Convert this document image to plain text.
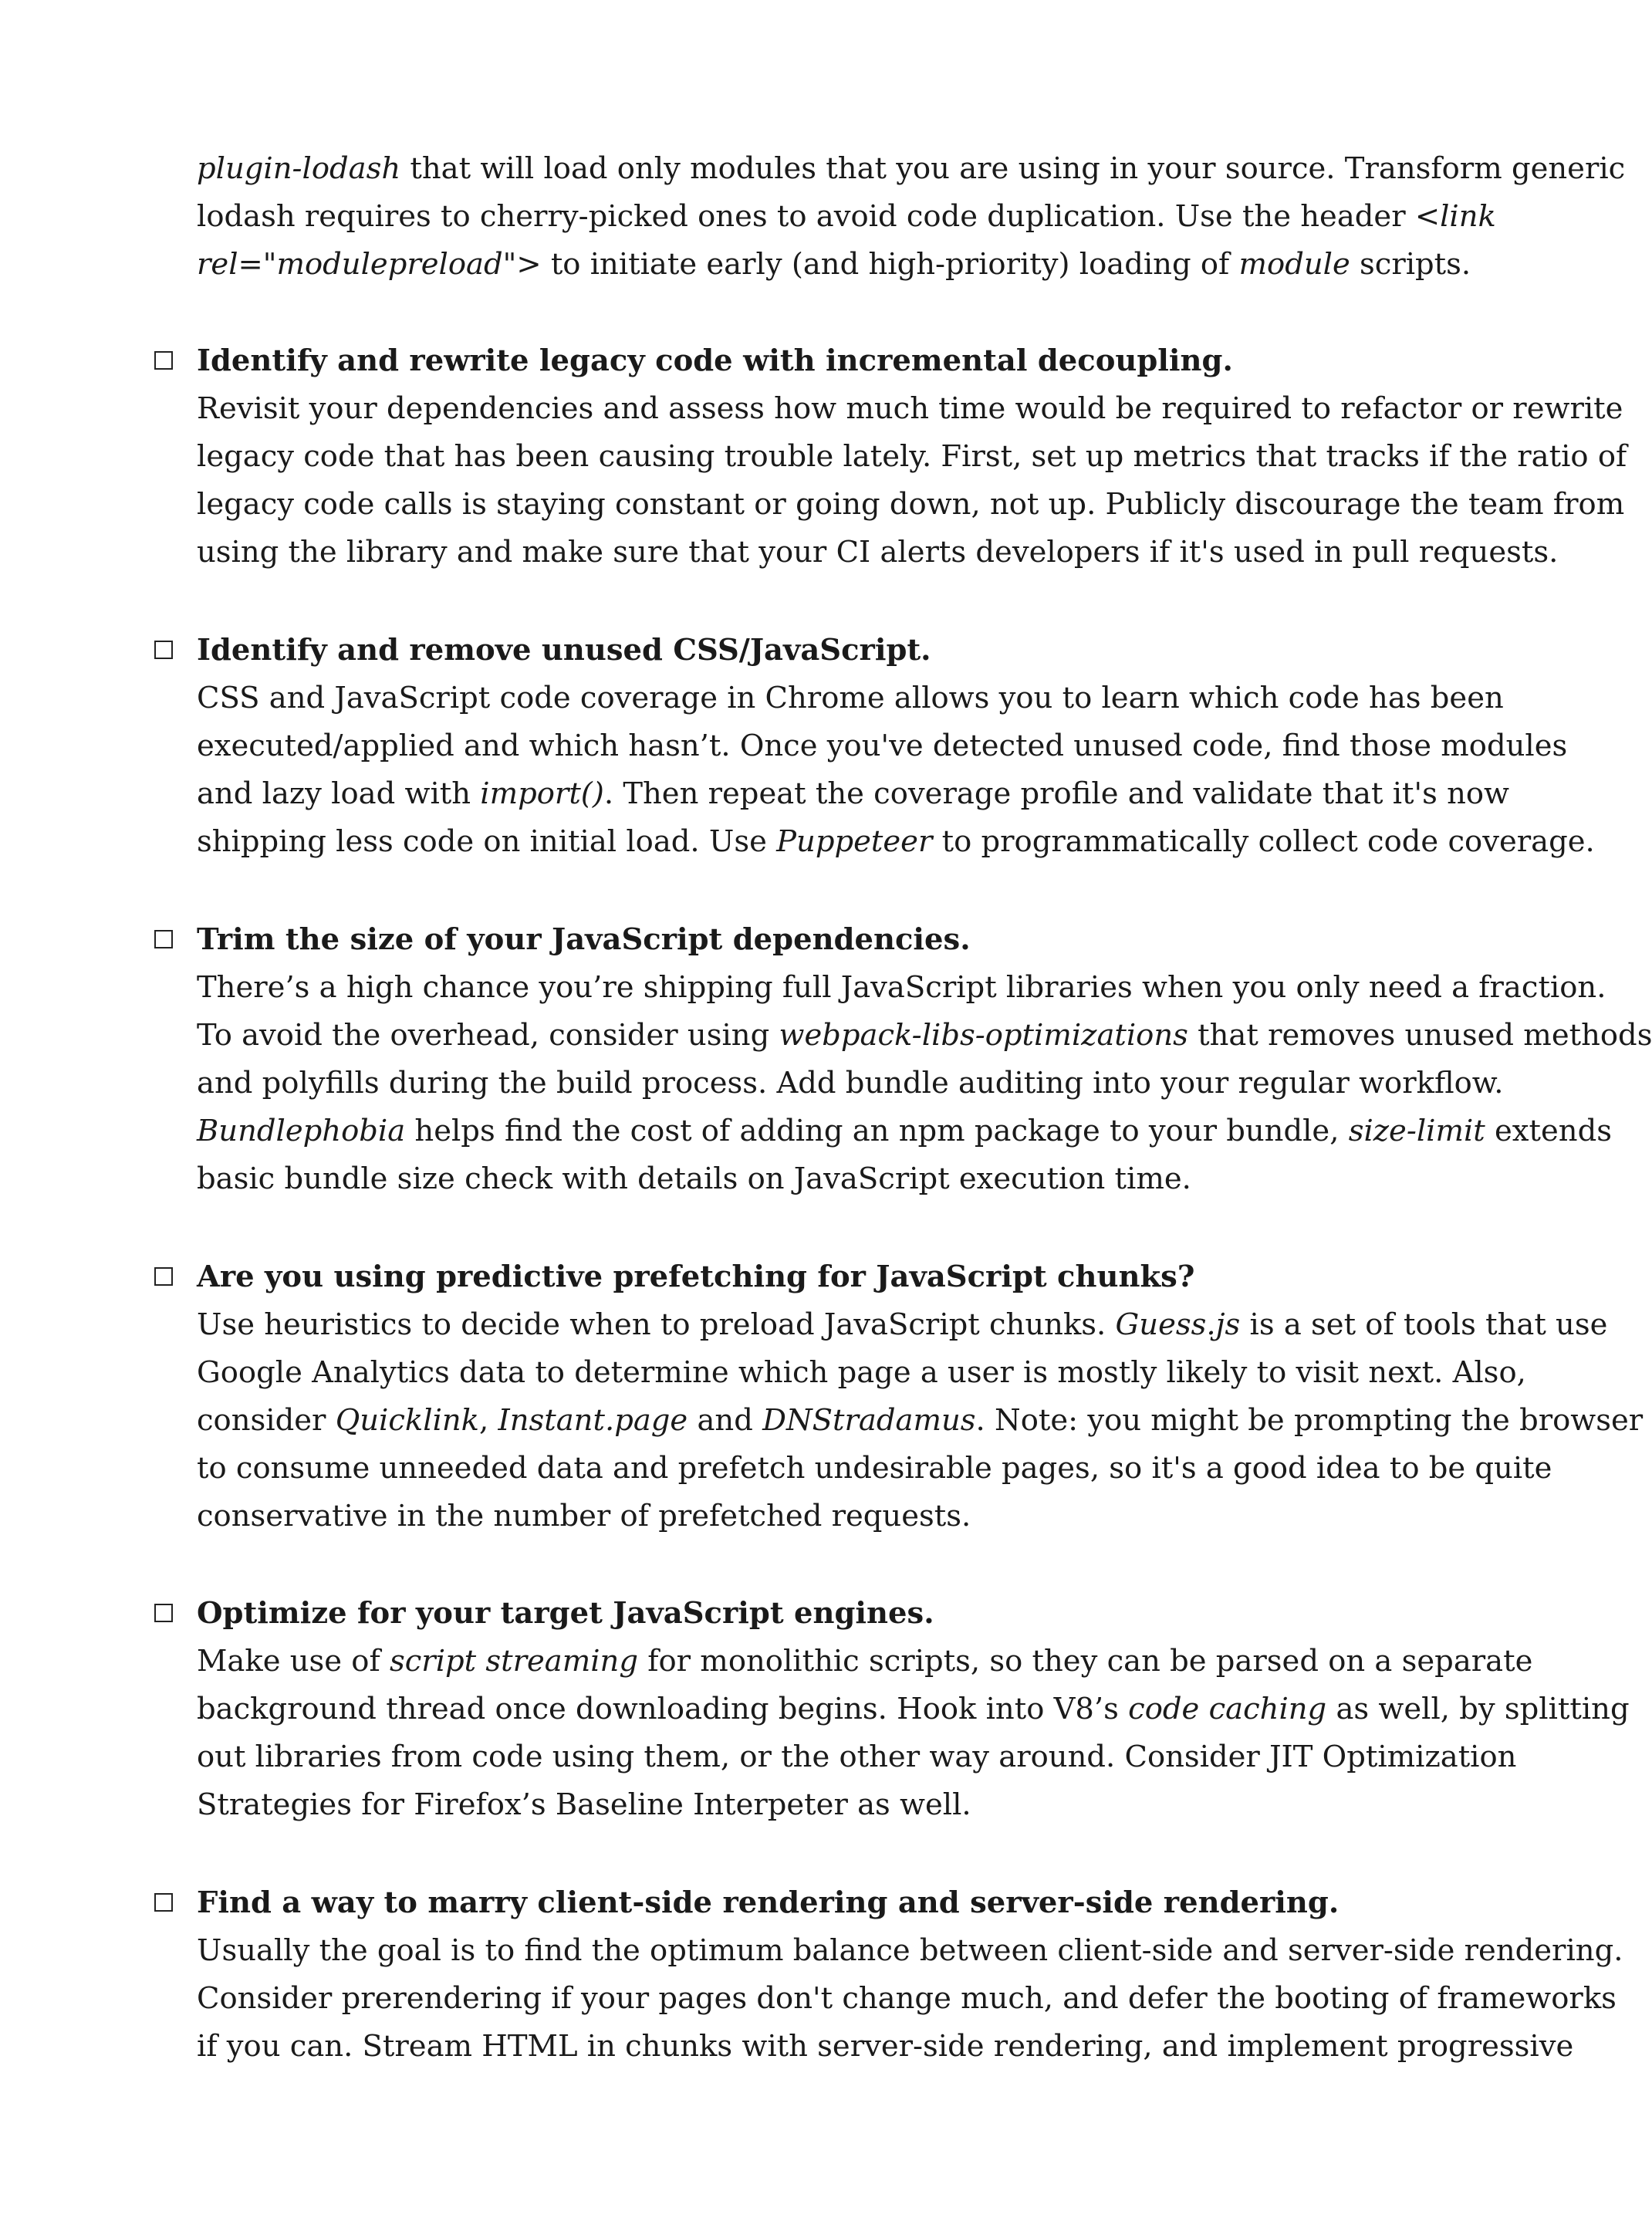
plugin-lodash that will load only modules that you are using in your source. Transform generic
lodash requires to cherry-picked ones to avoid code duplication. Use the header <link
rel="modulepreload"> to initiate early (and high-priority) loading of module scripts.

Identify and rewrite legacy code with incremental decoupling.

Revisit your dependencies and assess how much time would be required to refactor or rewrite
legacy code that has been causing trouble lately. First, set up metrics that tracks if the ratio of
legacy code calls is staying constant or going down, not up. Publicly discourage the team from
using the library and make sure that your CI alerts developers if it's used in pull requests.

Identify and remove unused CSS/JavaScript.

CSS and JavaScript code coverage in Chrome allows you to learn which code has been
executed/applied and which hasn’t. Once you've detected unused code, find those modules
and lazy load with import(). Then repeat the coverage profile and validate that it's now
shipping less code on initial load. Use Puppeteer to programmatically collect code coverage.

Trim the size of your JavaScript dependencies.

There’s a high chance you’re shipping full JavaScript libraries when you only need a fraction.
To avoid the overhead, consider using webpack-libs-optimizations that removes unused methods
and polyfills during the build process. Add bundle auditing into your regular workflow.
Bundlephobia helps find the cost of adding an npm package to your bundle, size-limit extends
basic bundle size check with details on JavaScript execution time.

Are you using predictive prefetching for JavaScript chunks?

Use heuristics to decide when to preload JavaScript chunks. Guess.js is a set of tools that use
Google Analytics data to determine which page a user is mostly likely to visit next. Also,
consider Quicklink, Instant.page and DNStradamus. Note: you might be prompting the browser
to consume unneeded data and prefetch undesirable pages, so it's a good idea to be quite
conservative in the number of prefetched requests.

Optimize for your target JavaScript engines.

Make use of script streaming for monolithic scripts, so they can be parsed on a separate
background thread once downloading begins. Hook into V8’s code caching as well, by splitting
out libraries from code using them, or the other way around. Consider JIT Optimization
Strategies for Firefox’s Baseline Interpeter as well.

Find a way to marry client-side rendering and server-side rendering.

Usually the goal is to find the optimum balance between client-side and server-side rendering.
Consider prerendering if your pages don't change much, and defer the booting of frameworks
if you can. Stream HTML in chunks with server-side rendering, and implement progressive
